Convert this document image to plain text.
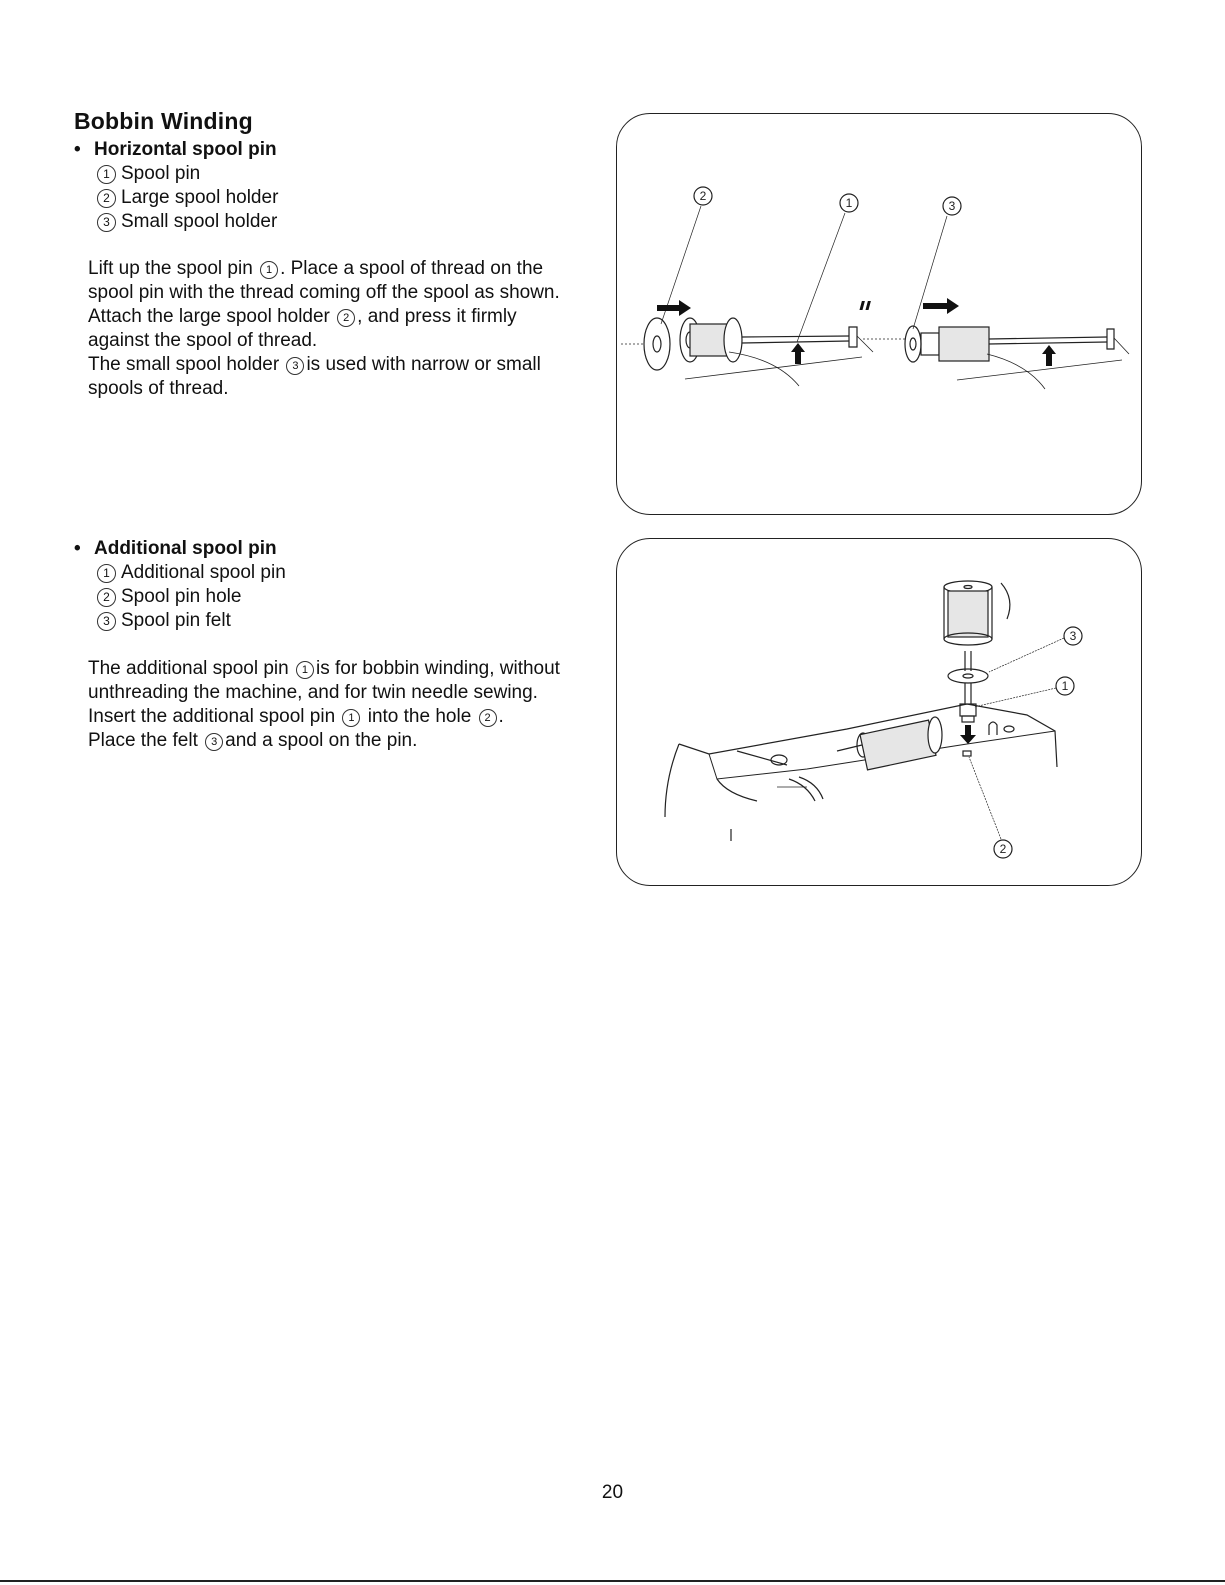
Bobbin Winding
• Horizontal spool pin
1 Spool pin
2 Large spool holder
3 Small spool holder

Lift up the spool pin 1 . Place a spool of thread on the

spool pin with the thread coming off the spool as shown.

Attach the large spool holder 2 , and press it firmly

against the spool of thread.

The small spool holder 3 is used with narrow or small

spools of thread.

2	1	3
• Additional spool pin
1 Additional spool pin
2 Spool pin hole
3 Spool pin felt

The additional spool pin 1 is for bobbin winding, without

unthreading the machine, and for twin needle sewing.

Insert the additional spool pin 1 into the hole 2 .

Place the felt 3 and a spool on the pin.

3
1
2
20
